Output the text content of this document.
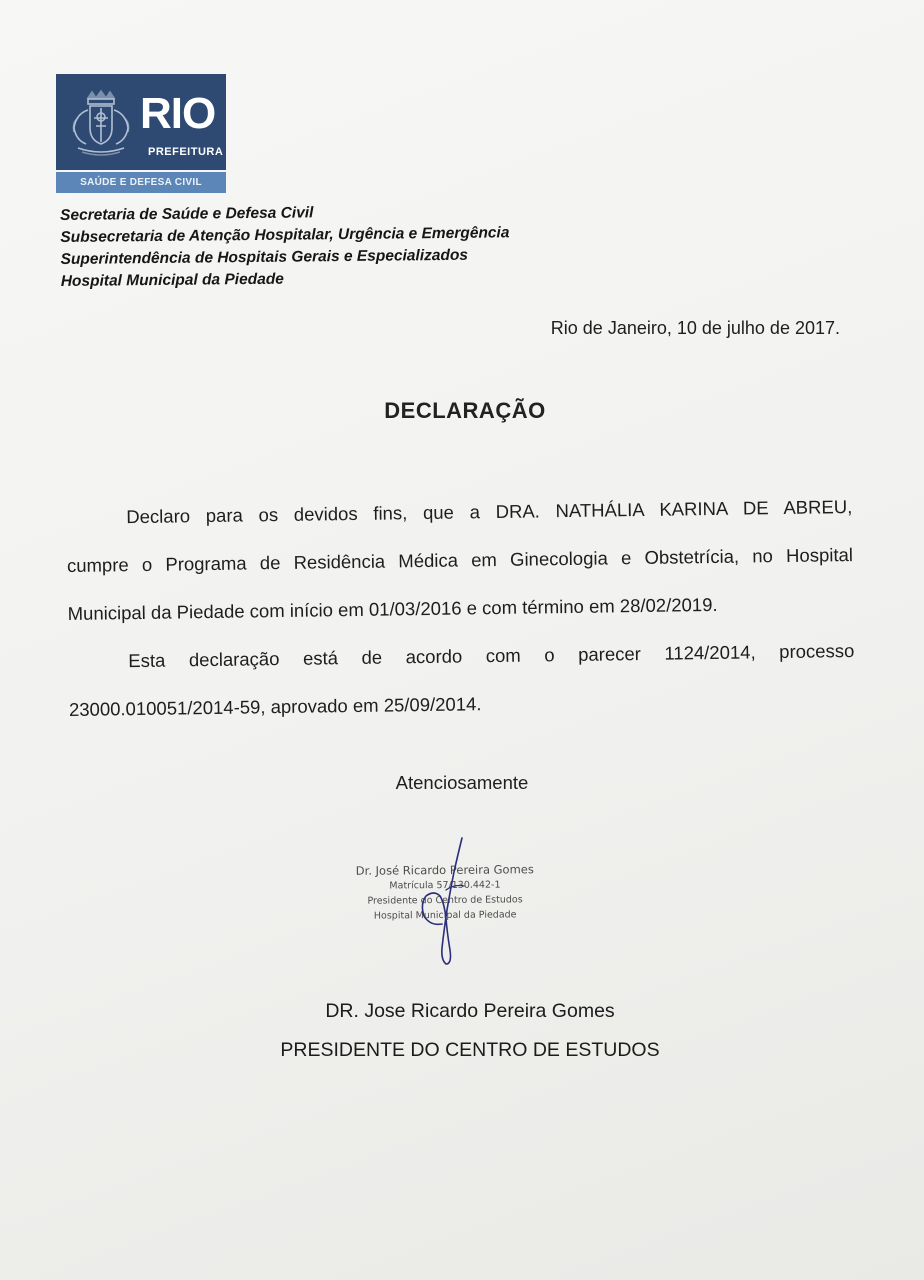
RIO
PREFEITURA
SAÚDE E DEFESA CIVIL
Secretaria de Saúde e Defesa Civil
Subsecretaria de Atenção Hospitalar, Urgência e Emergência
Superintendência de Hospitais Gerais e Especializados
Hospital Municipal da Piedade
Rio de Janeiro, 10 de julho de 2017.
DECLARAÇÃO

Declaro para os devidos fins, que a DRA. NATHÁLIA KARINA DE ABREU,
cumpre o Programa de Residência Médica em Ginecologia e Obstetrícia, no Hospital
Municipal da Piedade com início em 01/03/2016 e com término em 28/02/2019.

Esta declaração está de acordo com o parecer 1124/2014, processo 23000.010051/2014-59, aprovado em 25/09/2014.

Atenciosamente
Dr. José Ricardo Pereira Gomes
Matrícula 57/130.442-1
Presidente do Centro de Estudos
Hospital Municipal da Piedade
DR. Jose Ricardo Pereira Gomes
PRESIDENTE DO CENTRO DE ESTUDOS
